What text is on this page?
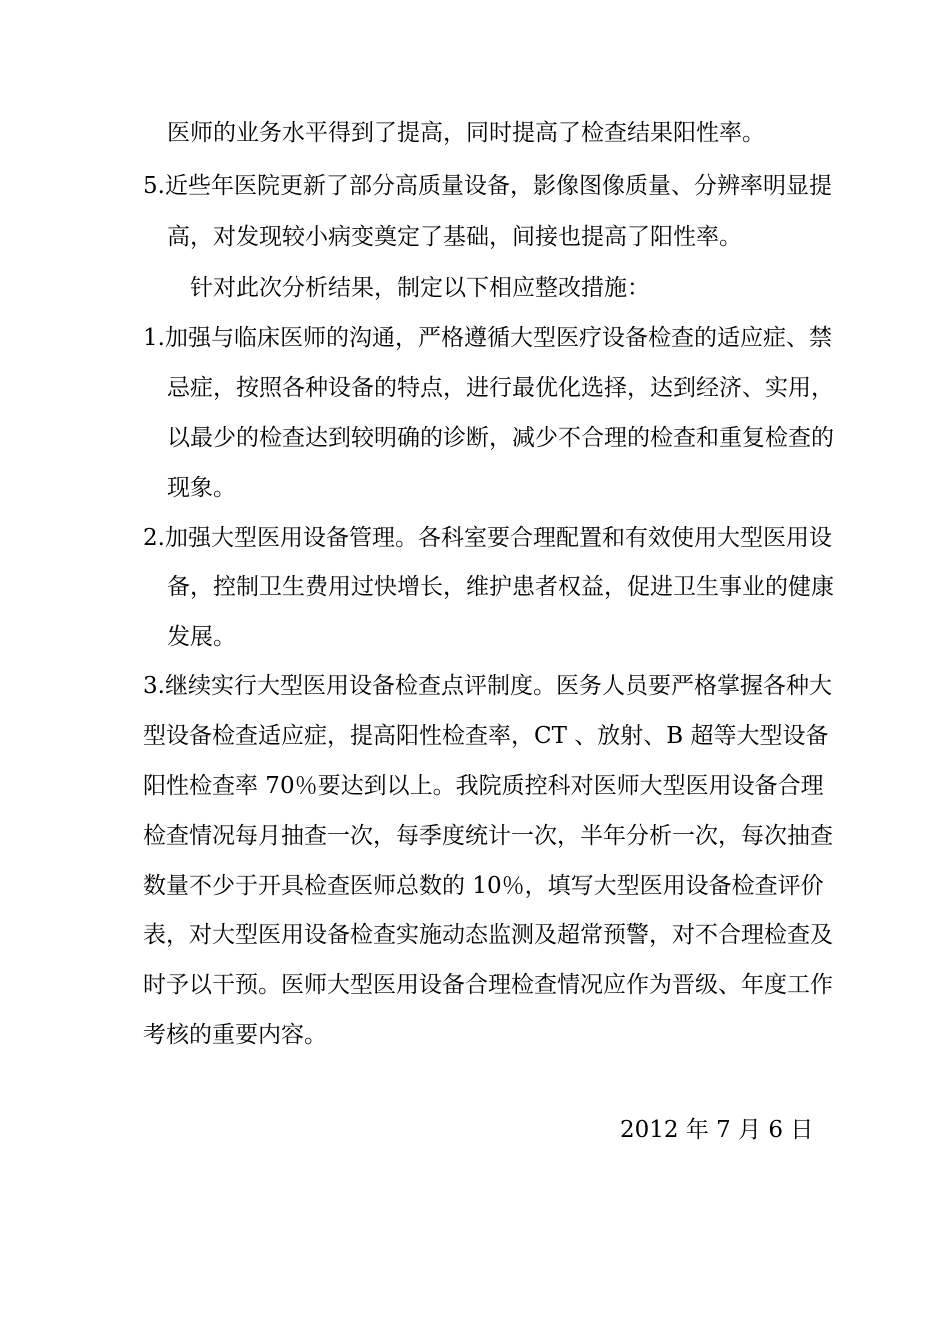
医师的业务水平得到了提高，同时提高了检查结果阳性率。
5.近些年医院更新了部分高质量设备，影像图像质量、分辨率明显提
高，对发现较小病变奠定了基础，间接也提高了阳性率。
针对此次分析结果，制定以下相应整改措施：
1.加强与临床医师的沟通，严格遵循大型医疗设备检查的适应症、禁
忌症，按照各种设备的特点，进行最优化选择，达到经济、实用，
以最少的检查达到较明确的诊断，减少不合理的检查和重复检查的
现象。
2.加强大型医用设备管理。各科室要合理配置和有效使用大型医用设
备，控制卫生费用过快增长，维护患者权益，促进卫生事业的健康
发展。
3.继续实行大型医用设备检查点评制度。医务人员要严格掌握各种大
型设备检查适应症，提高阳性检查率，CT 、放射、B 超等大型设备
阳性检查率 70％要达到以上。我院质控科对医师大型医用设备合理
检查情况每月抽查一次，每季度统计一次，半年分析一次，每次抽查
数量不少于开具检查医师总数的 10％，填写大型医用设备检查评价
表，对大型医用设备检查实施动态监测及超常预警，对不合理检查及
时予以干预。医师大型医用设备合理检查情况应作为晋级、年度工作
考核的重要内容。
2012 年 7 月 6 日
